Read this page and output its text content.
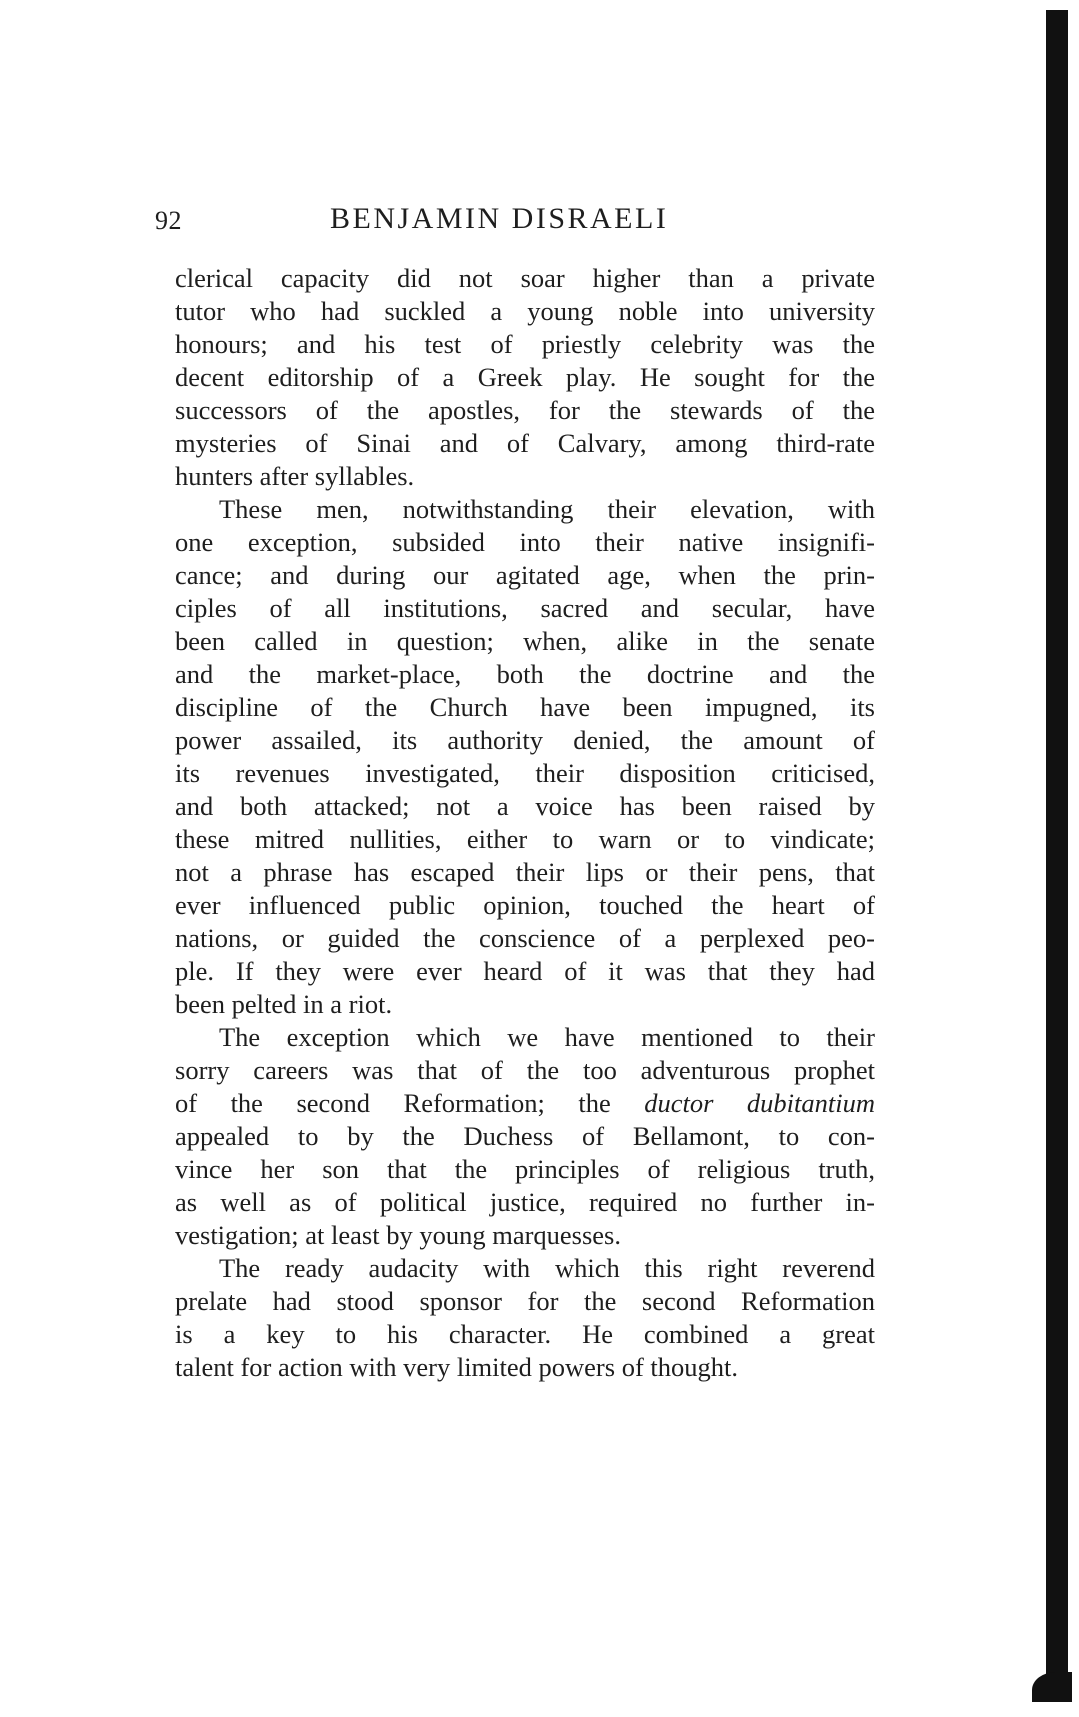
92	BENJAMIN DISRAELI
clerical capacity did not soar higher than a private
tutor who had suckled a young noble into university
honours; and his test of priestly celebrity was the
decent editorship of a Greek play. He sought for the
successors of the apostles, for the stewards of the
mysteries of Sinai and of Calvary, among third-rate
hunters after syllables.
These men, notwithstanding their elevation, with
one exception, subsided into their native insignifi-
cance; and during our agitated age, when the prin-
ciples of all institutions, sacred and secular, have
been called in question; when, alike in the senate
and the market-place, both the doctrine and the
discipline of the Church have been impugned, its
power assailed, its authority denied, the amount of
its revenues investigated, their disposition criticised,
and both attacked; not a voice has been raised by
these mitred nullities, either to warn or to vindicate;
not a phrase has escaped their lips or their pens, that
ever influenced public opinion, touched the heart of
nations, or guided the conscience of a perplexed peo-
ple. If they were ever heard of it was that they had
been pelted in a riot.
The exception which we have mentioned to their
sorry careers was that of the too adventurous prophet
of the second Reformation; the ductor dubitantium
appealed to by the Duchess of Bellamont, to con-
vince her son that the principles of religious truth,
as well as of political justice, required no further in-
vestigation; at least by young marquesses.
The ready audacity with which this right reverend
prelate had stood sponsor for the second Reformation
is a key to his character. He combined a great
talent for action with very limited powers of thought.
